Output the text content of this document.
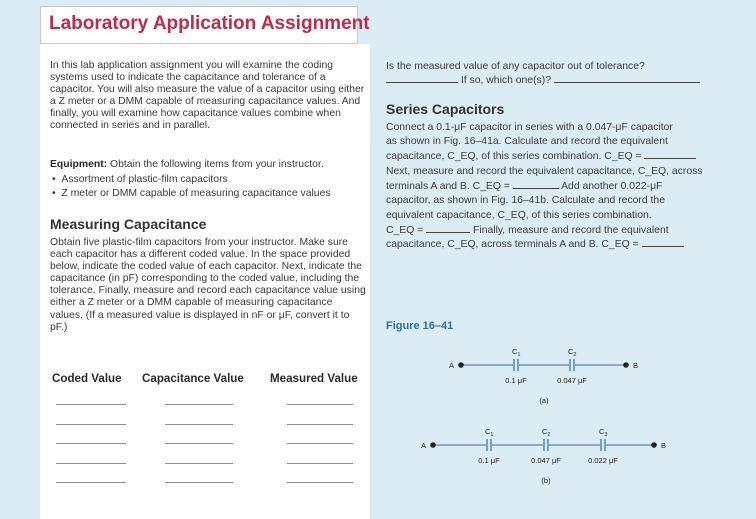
Laboratory Application Assignment
In this lab application assignment you will examine the coding systems used to indicate the capacitance and tolerance of a capacitor. You will also measure the value of a capacitor using either a Z meter or a DMM capable of measuring capacitance values. And finally, you will examine how capacitance values combine when connected in series and in parallel.
Equipment: Obtain the following items from your instructor.
•  Assortment of plastic-film capacitors
•  Z meter or DMM capable of measuring capacitance values
Measuring Capacitance
Obtain five plastic-film capacitors from your instructor. Make sure each capacitor has a different coded value. In the space provided below, indicate the coded value of each capacitor. Next, indicate the capacitance (in pF) corresponding to the coded value, including the tolerance. Finally, measure and record each capacitance value using either a Z meter or a DMM capable of measuring capacitance values. (If a measured value is displayed in nF or μF, convert it to pF.)
Coded Value Capacitance Value Measured Value
Is the measured value of any capacitor out of tolerance?
If so, which one(s)?
Series Capacitors
Connect a 0.1-μF capacitor in series with a 0.047-μF capacitor
as shown in Fig. 16–41a. Calculate and record the equivalent
capacitance, C_EQ, of this series combination. C_EQ =
Next, measure and record the equivalent capacitance, C_EQ, across
terminals A and B. C_EQ =	Add another 0.022-μF
capacitor, as shown in Fig. 16–41b. Calculate and record the
equivalent capacitance, C_EQ, of this series combination.
C_EQ =	Finally, measure and record the equivalent
capacitance, C_EQ, across terminals A and B. C_EQ =
Figure 16–41
A	B
$C_1$
0.1 μF
$C_2$
0.047 μF
(a)
A	B
$C_1$
0.1 μF
$C_2$
0.047 μF
$C_3$
0.022 μF
(b)
